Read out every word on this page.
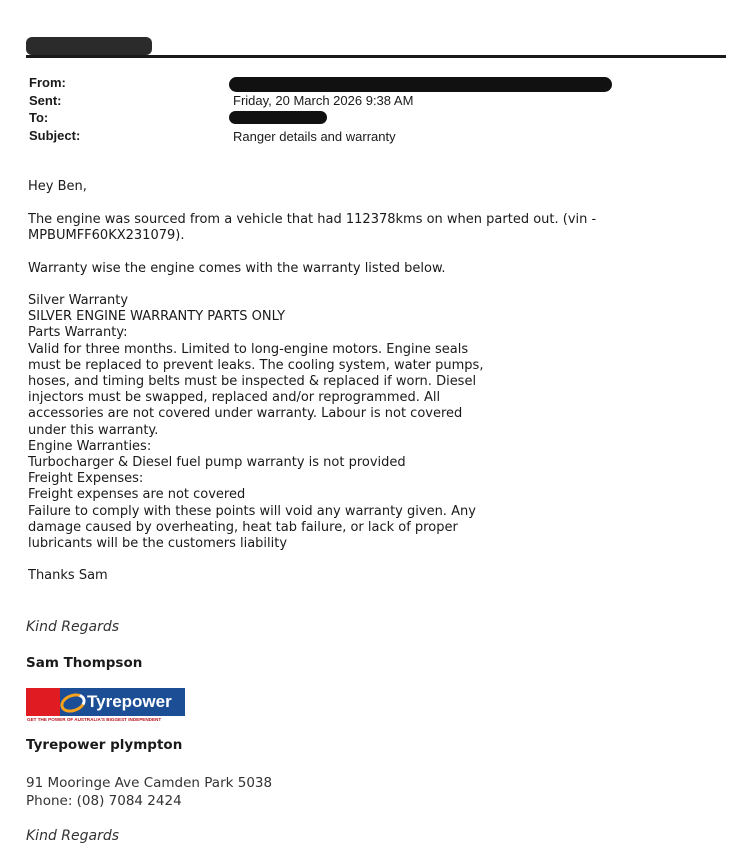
From:
Sent:	Friday, 20 March 2026 9:38 AM
To:
Subject:	Ranger details and warranty
Hey Ben,
The engine was sourced from a vehicle that had 112378kms on when parted out. (vin -
MPBUMFF60KX231079).
Warranty wise the engine comes with the warranty listed below.
Silver Warranty
SILVER ENGINE WARRANTY PARTS ONLY
Parts Warranty:
Valid for three months. Limited to long-engine motors. Engine seals
must be replaced to prevent leaks. The cooling system, water pumps,
hoses, and timing belts must be inspected & replaced if worn. Diesel
injectors must be swapped, replaced and/or reprogrammed. All
accessories are not covered under warranty. Labour is not covered
under this warranty.
Engine Warranties:
Turbocharger & Diesel fuel pump warranty is not provided
Freight Expenses:
Freight expenses are not covered
Failure to comply with these points will void any warranty given. Any
damage caused by overheating, heat tab failure, or lack of proper
lubricants will be the customers liability
Thanks Sam
Kind Regards
Sam Thompson
Tyrepower
GET THE POWER OF AUSTRALIA'S BIGGEST INDEPENDENT
Tyrepower plympton
91 Mooringe Ave Camden Park 5038
Phone: (08) 7084 2424
Kind Regards
